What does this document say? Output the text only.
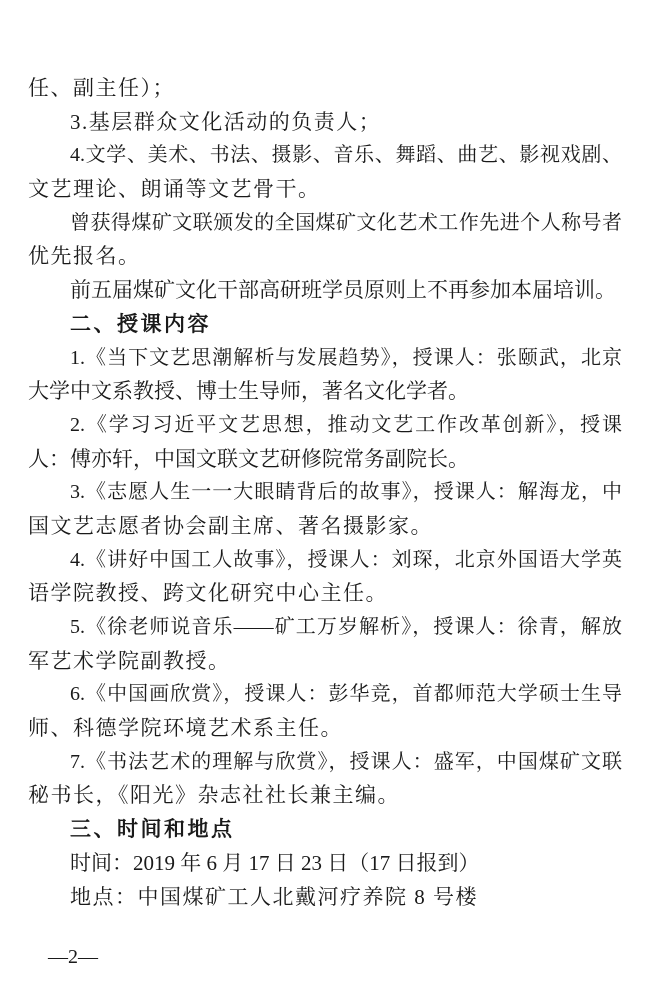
任、副主任）；
3.基层群众文化活动的负责人；
4.文学、美术、书法、摄影、音乐、舞蹈、曲艺、影视戏剧、
文艺理论、朗诵等文艺骨干。
曾获得煤矿文联颁发的全国煤矿文化艺术工作先进个人称号者
优先报名。
前五届煤矿文化干部高研班学员原则上不再参加本届培训。
二、授课内容
1.《当下文艺思潮解析与发展趋势》，授课人：张颐武，北京
大学中文系教授、博士生导师，著名文化学者。
2.《学习习近平文艺思想，推动文艺工作改革创新》，授课
人：傅亦轩，中国文联文艺研修院常务副院长。
3.《志愿人生一一大眼睛背后的故事》，授课人：解海龙，中
国文艺志愿者协会副主席、著名摄影家。
4.《讲好中国工人故事》，授课人：刘琛，北京外国语大学英
语学院教授、跨文化研究中心主任。
5.《徐老师说音乐——矿工万岁解析》，授课人：徐青，解放
军艺术学院副教授。
6.《中国画欣赏》，授课人：彭华竞，首都师范大学硕士生导
师、科德学院环境艺术系主任。
7.《书法艺术的理解与欣赏》，授课人：盛军，中国煤矿文联
秘书长，《阳光》杂志社社长兼主编。
三、时间和地点
时间：2019 年 6 月 17 日 23 日（17 日报到）
地点：中国煤矿工人北戴河疗养院 8 号楼
—2—
